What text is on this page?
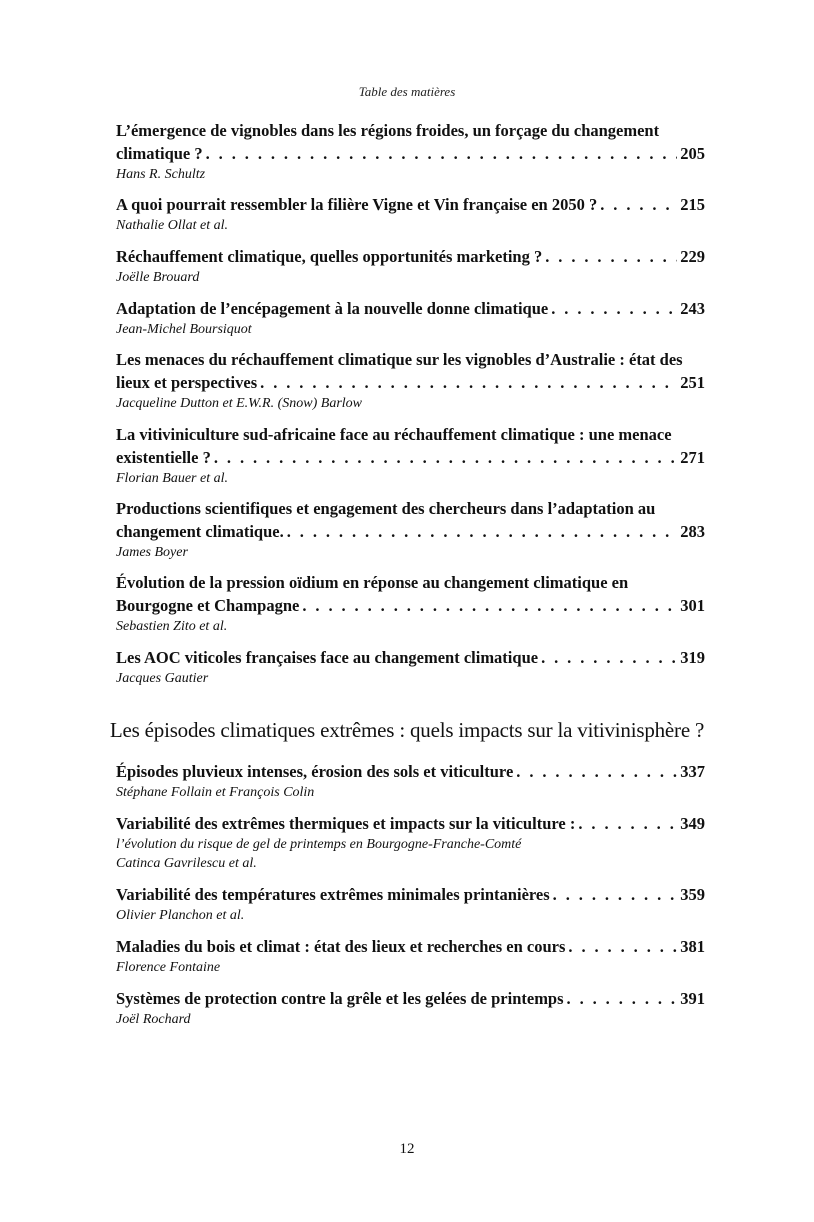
Table des matières
L’émergence de vignobles dans les régions froides, un forçage du changement
climatique ? . . .	205
Hans R. Schultz
A quoi pourrait ressembler la filière Vigne et Vin française en 2050 ? . . .	215
Nathalie Ollat et al.
Réchauffement climatique, quelles opportunités marketing ? . . .	229
Joëlle Brouard
Adaptation de l’encépagement à la nouvelle donne climatique . . .	243
Jean-Michel Boursiquot
Les menaces du réchauffement climatique sur les vignobles d’Australie : état des
lieux et perspectives . . .	251
Jacqueline Dutton et E.W.R. (Snow) Barlow
La vitiviniculture sud-africaine face au réchauffement climatique : une menace
existentielle ? . . .	271
Florian Bauer et al.
Productions scientifiques et engagement des chercheurs dans l’adaptation au
changement climatique. . . .	283
James Boyer
Évolution de la pression oïdium en réponse au changement climatique en
Bourgogne et Champagne . . .	301
Sebastien Zito et al.
Les AOC viticoles françaises face au changement climatique . . .	319
Jacques Gautier
Les épisodes climatiques extrêmes : quels impacts sur la vitivinisphère ?
Épisodes pluvieux intenses, érosion des sols et viticulture . . .	337
Stéphane Follain et François Colin
Variabilité des extrêmes thermiques et impacts sur la viticulture : . . .	349
l’évolution du risque de gel de printemps en Bourgogne-Franche-Comté
Catinca Gavrilescu et al.
Variabilité des températures extrêmes minimales printanières . . .	359
Olivier Planchon et al.
Maladies du bois et climat : état des lieux et recherches en cours . . .	381
Florence Fontaine
Systèmes de protection contre la grêle et les gelées de printemps . . .	391
Joël Rochard
12
